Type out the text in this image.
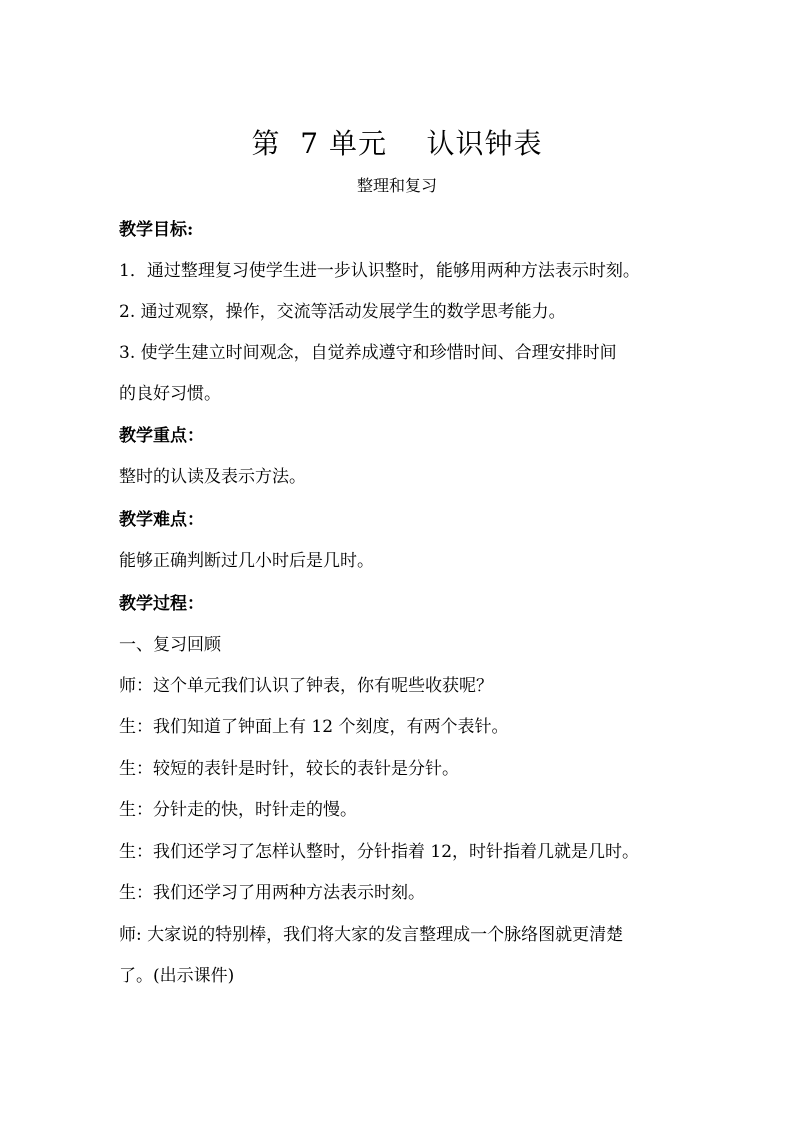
第  7 单元    认识钟表
整理和复习
教学目标:
1．通过整理复习使学生进一步认识整时，能够用两种方法表示时刻。
2. 通过观察，操作，交流等活动发展学生的数学思考能力。
3. 使学生建立时间观念，自觉养成遵守和珍惜时间、合理安排时间
的良好习惯。
教学重点：
整时的认读及表示方法。
教学难点：
能够正确判断过几小时后是几时。
教学过程：
一、复习回顾
师：这个单元我们认识了钟表，你有呢些收获呢？
生：我们知道了钟面上有 12 个刻度，有两个表针。
生：较短的表针是时针，较长的表针是分针。
生：分针走的快，时针走的慢。
生：我们还学习了怎样认整时，分针指着 12，时针指着几就是几时。
生：我们还学习了用两种方法表示时刻。
师: 大家说的特别棒，我们将大家的发言整理成一个脉络图就更清楚
了。(出示课件)
